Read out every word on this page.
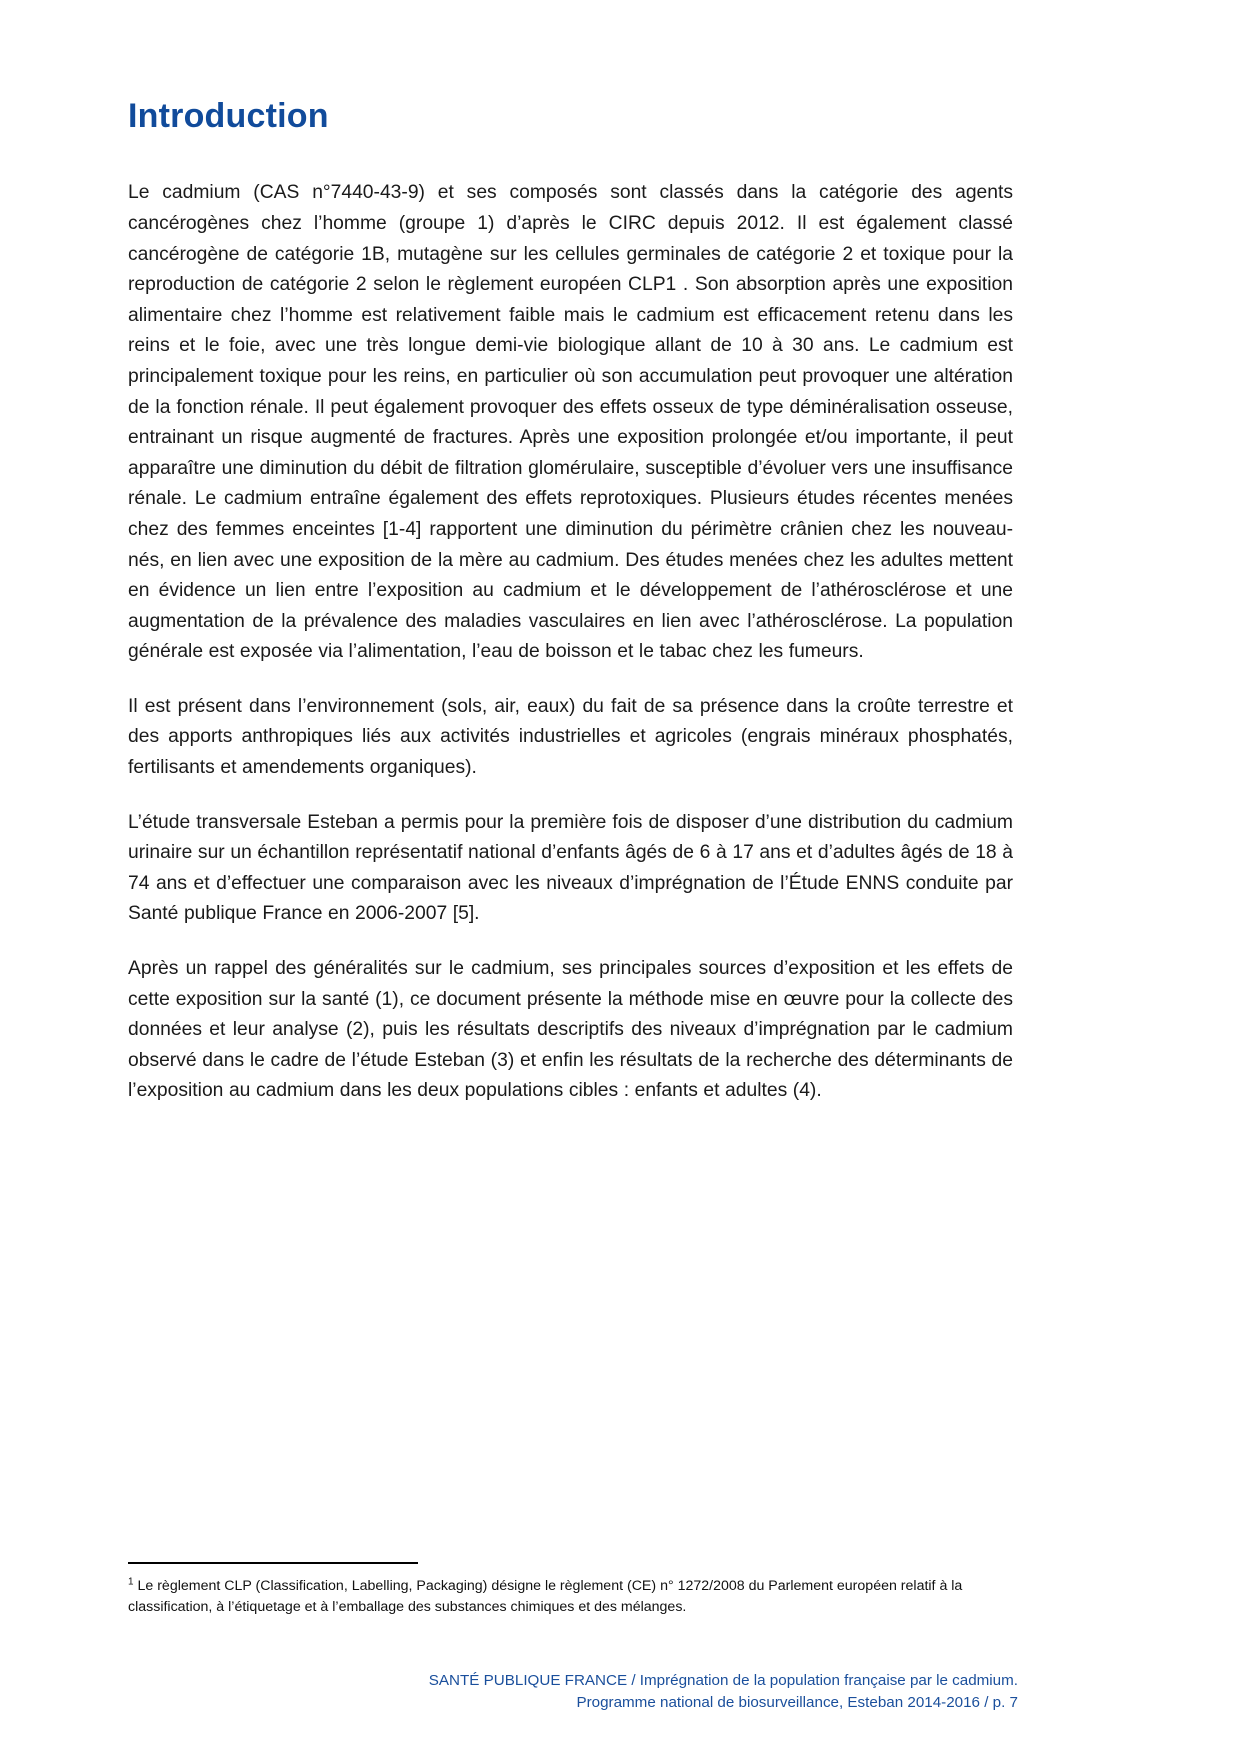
Introduction

Le cadmium (CAS n°7440-43-9) et ses composés sont classés dans la catégorie des agents cancérogènes chez l’homme (groupe 1) d’après le CIRC depuis 2012. Il est également classé cancérogène de catégorie 1B, mutagène sur les cellules germinales de catégorie 2 et toxique pour la reproduction de catégorie 2 selon le règlement européen CLP1 . Son absorption après une exposition alimentaire chez l’homme est relativement faible mais le cadmium est efficacement retenu dans les reins et le foie, avec une très longue demi-vie biologique allant de 10 à 30 ans. Le cadmium est principalement toxique pour les reins, en particulier où son accumulation peut provoquer une altération de la fonction rénale. Il peut également provoquer des effets osseux de type déminéralisation osseuse, entrainant un risque augmenté de fractures. Après une exposition prolongée et/ou importante, il peut apparaître une diminution du débit de filtration glomérulaire, susceptible d’évoluer vers une insuffisance rénale. Le cadmium entraîne également des effets reprotoxiques. Plusieurs études récentes menées chez des femmes enceintes [1-4] rapportent une diminution du périmètre crânien chez les nouveau-nés, en lien avec une exposition de la mère au cadmium. Des études menées chez les adultes mettent en évidence un lien entre l’exposition au cadmium et le développement de l’athérosclérose et une augmentation de la prévalence des maladies vasculaires en lien avec l’athérosclérose. La population générale est exposée via l’alimentation, l’eau de boisson et le tabac chez les fumeurs.

Il est présent dans l’environnement (sols, air, eaux) du fait de sa présence dans la croûte terrestre et des apports anthropiques liés aux activités industrielles et agricoles (engrais minéraux phosphatés, fertilisants et amendements organiques).

L’étude transversale Esteban a permis pour la première fois de disposer d’une distribution du cadmium urinaire sur un échantillon représentatif national d’enfants âgés de 6 à 17 ans et d’adultes âgés de 18 à 74 ans et d’effectuer une comparaison avec les niveaux d’imprégnation de l’Étude ENNS conduite par Santé publique France en 2006-2007 [5].

Après un rappel des généralités sur le cadmium, ses principales sources d’exposition et les effets de cette exposition sur la santé (1), ce document présente la méthode mise en œuvre pour la collecte des données et leur analyse (2), puis les résultats descriptifs des niveaux d’imprégnation par le cadmium observé dans le cadre de l’étude Esteban (3) et enfin les résultats de la recherche des déterminants de l’exposition au cadmium dans les deux populations cibles : enfants et adultes (4).

$^1$ Le règlement CLP (Classification, Labelling, Packaging) désigne le règlement (CE) n° 1272/2008 du Parlement européen relatif à la classification, à l’étiquetage et à l’emballage des substances chimiques et des mélanges.

SANTÉ PUBLIQUE FRANCE / Imprégnation de la population française par le cadmium.

Programme national de biosurveillance, Esteban 2014-2016 / p. 7
